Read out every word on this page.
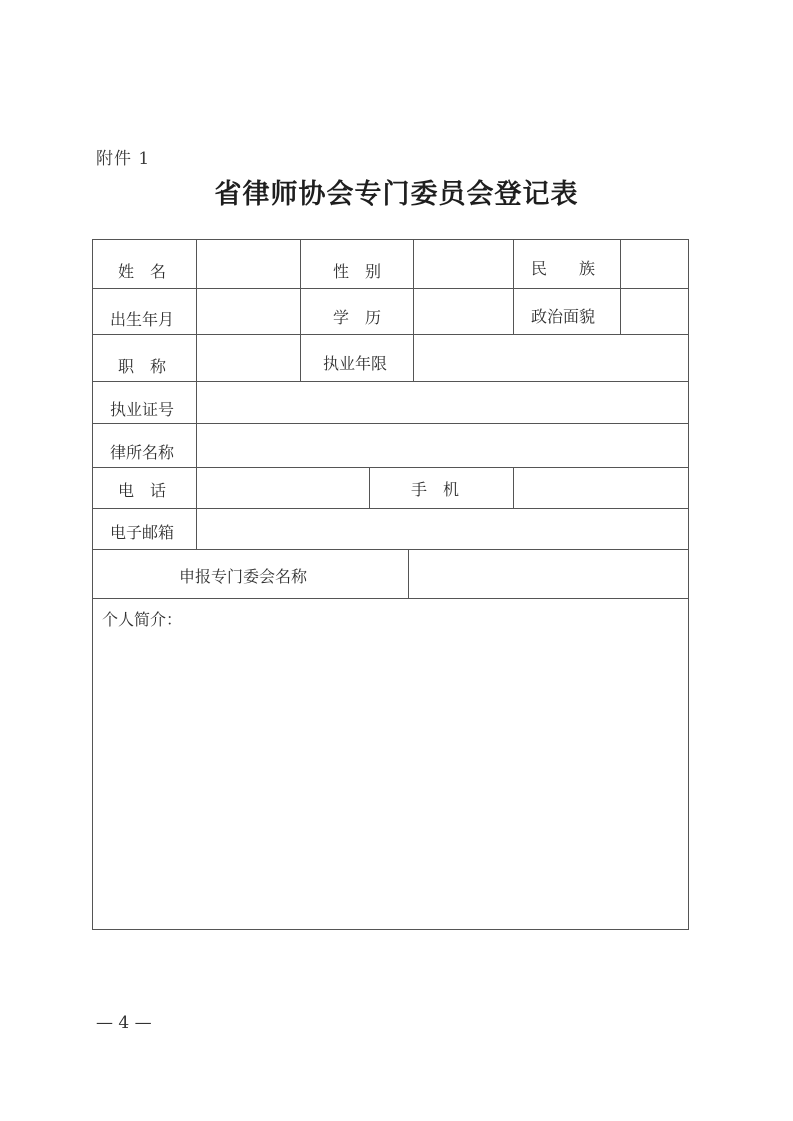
附件 1
省律师协会专门委员会登记表
姓　名	性　别	民　　族
出生年月	学　历	政治面貌
职　称	执业年限
执业证号
律所名称
电　话	手　机
电子邮箱
申报专门委会名称
个人简介：
— 4 —
